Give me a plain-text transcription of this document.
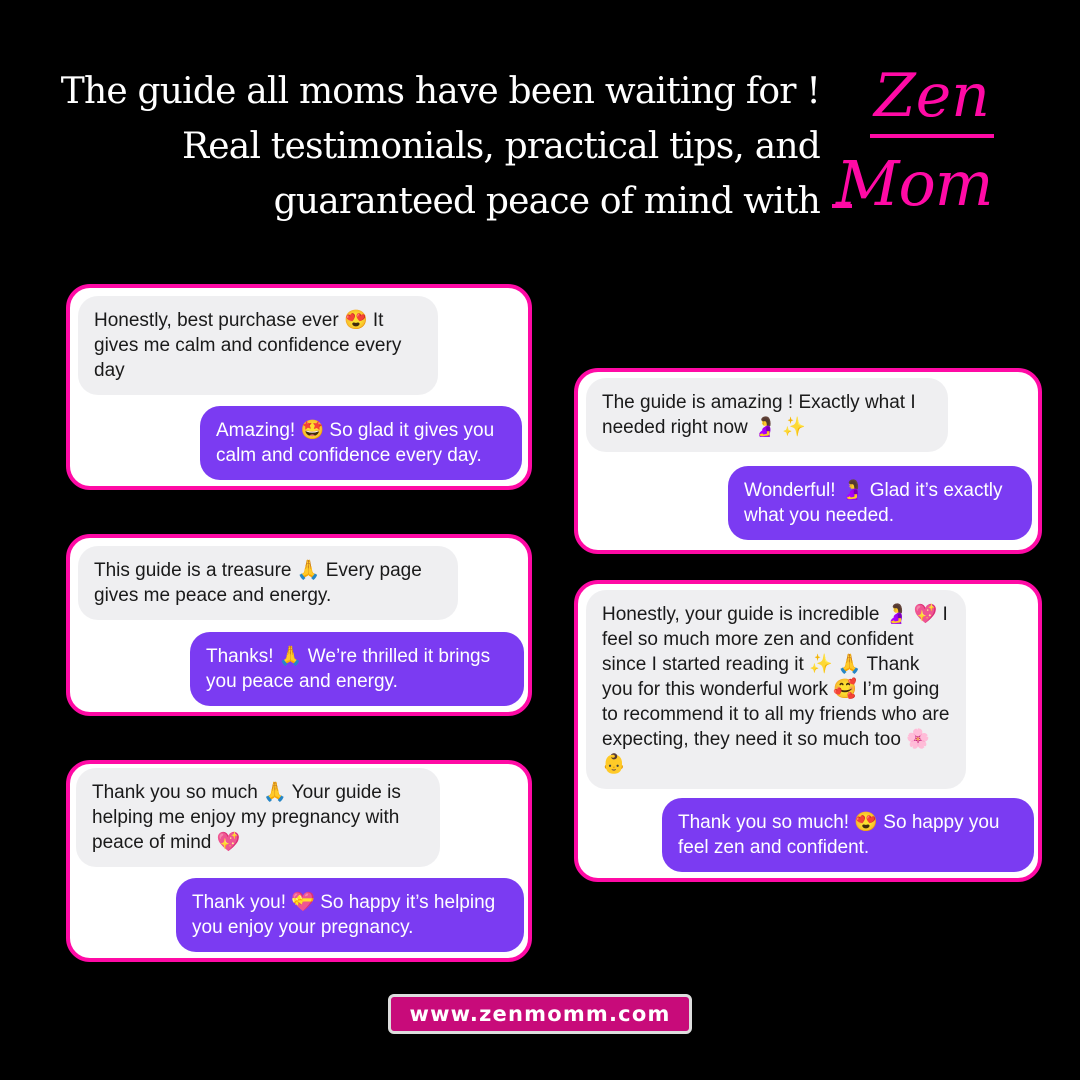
The guide all moms have been waiting for !
Real testimonials, practical tips, and
guaranteed peace of mind with
Zen
Mom
Honestly, best purchase ever 😍 It gives me calm and confidence every day
Amazing! 🤩 So glad it gives you calm and confidence every day.
This guide is a treasure 🙏 Every page gives me peace and energy.
Thanks! 🙏 We’re thrilled it brings you peace and energy.
Thank you so much 🙏 Your guide is helping me enjoy my pregnancy with peace of mind 💖
Thank you! 💝 So happy it’s helping you enjoy your pregnancy.
The guide is amazing ! Exactly what I needed right now 🤰 ✨
Wonderful! 🤰 Glad it’s exactly what you needed.
Honestly, your guide is incredible 🤰 💖 I feel so much more zen and confident since I started reading it ✨ 🙏 Thank you for this wonderful work 🥰 I’m going to recommend it to all my friends who are expecting, they need it so much too 🌸 👶
Thank you so much! 😍 So happy you feel zen and confident.
www.zenmomm.com
